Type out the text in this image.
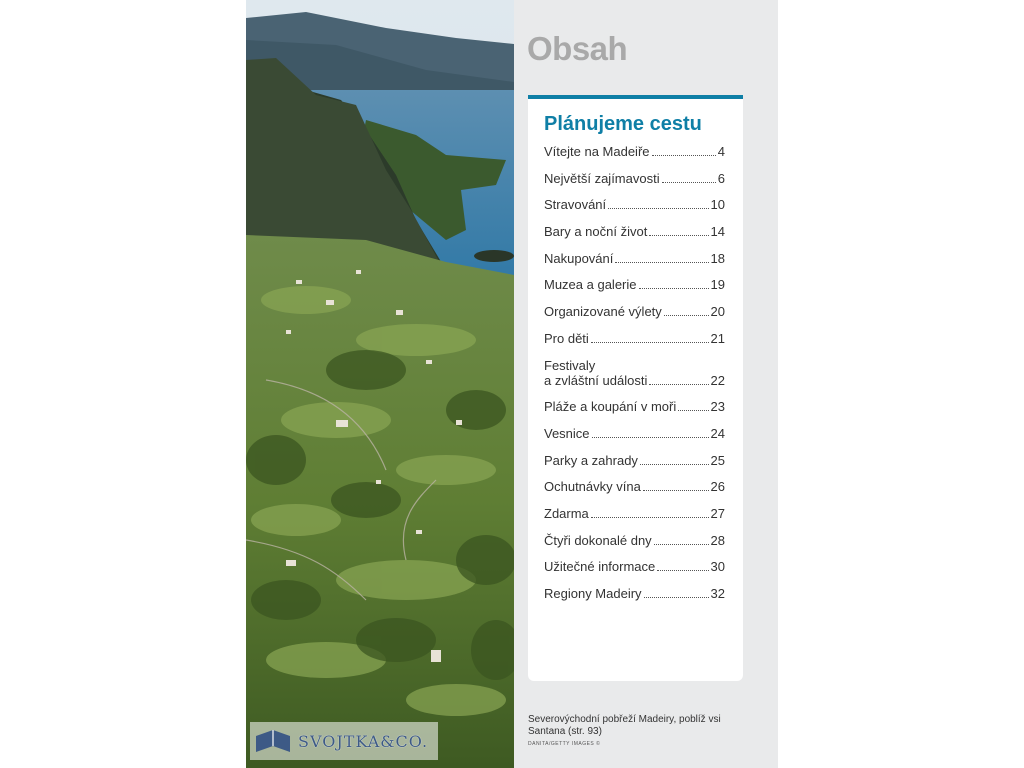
SVOJTKA&CO.
Obsah
Plánujeme cestu
Vítejte na Madeiře	4
Největší zajímavosti	6
Stravování	10
Bary a noční život	14
Nakupování	18
Muzea a galerie	19
Organizované výlety	20
Pro děti	21
Festivaly
a zvláštní události	22
Pláže a koupání v moři	23
Vesnice	24
Parky a zahrady	25
Ochutnávky vína	26
Zdarma	27
Čtyři dokonalé dny	28
Užitečné informace	30
Regiony Madeiry	32
Severovýchodní pobřeží Madeiry, poblíž vsi Santana (str. 93)
DANITA/GETTY IMAGES ©
